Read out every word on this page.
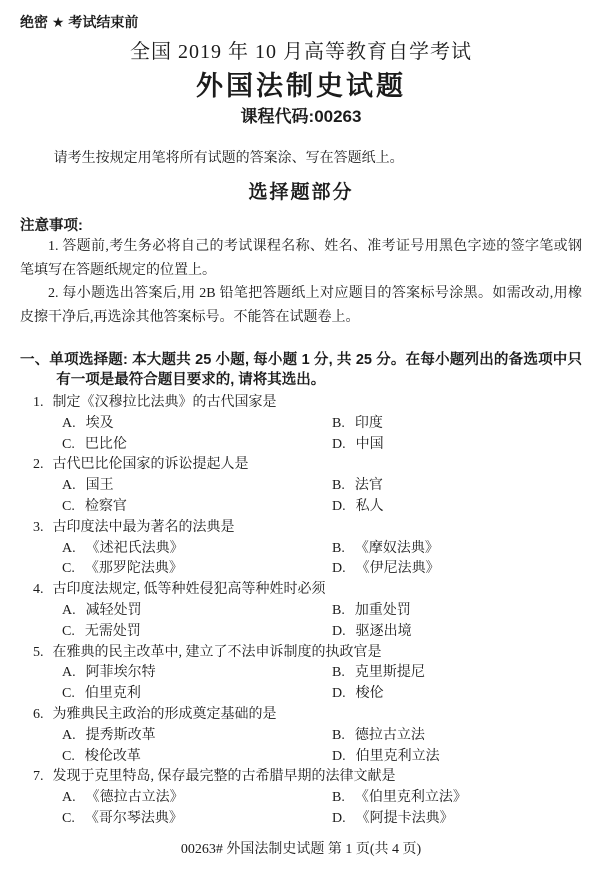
绝密 ★ 考试结束前
全国 2019 年 10 月高等教育自学考试
外国法制史试题
课程代码:00263
请考生按规定用笔将所有试题的答案涂、写在答题纸上。
选择题部分
注意事项:
1. 答题前,考生务必将自己的考试课程名称、姓名、准考证号用黑色字迹的签字笔或钢笔填写在答题纸规定的位置上。
2. 每小题选出答案后,用 2B 铅笔把答题纸上对应题目的答案标号涂黑。如需改动,用橡皮擦干净后,再选涂其他答案标号。不能答在试题卷上。
一、单项选择题: 本大题共 25 小题, 每小题 1 分, 共 25 分。在每小题列出的备选项中只有一项是最符合题目要求的, 请将其选出。
1. 制定《汉穆拉比法典》的古代国家是
A. 埃及	B. 印度
C. 巴比伦	D. 中国
2. 古代巴比伦国家的诉讼提起人是
A. 国王	B. 法官
C. 检察官	D. 私人
3. 古印度法中最为著名的法典是
A. 《述祀氏法典》	B. 《摩奴法典》
C. 《那罗陀法典》	D. 《伊尼法典》
4. 古印度法规定, 低等种姓侵犯高等种姓时必须
A. 减轻处罚	B. 加重处罚
C. 无需处罚	D. 驱逐出境
5. 在雅典的民主改革中, 建立了不法申诉制度的执政官是
A. 阿菲埃尔特	B. 克里斯提尼
C. 伯里克利	D. 梭伦
6. 为雅典民主政治的形成奠定基础的是
A. 提秀斯改革	B. 德拉古立法
C. 梭伦改革	D. 伯里克利立法
7. 发现于克里特岛, 保存最完整的古希腊早期的法律文献是
A. 《德拉古立法》	B. 《伯里克利立法》
C. 《哥尔琴法典》	D. 《阿提卡法典》
00263# 外国法制史试题 第 1 页(共 4 页)
